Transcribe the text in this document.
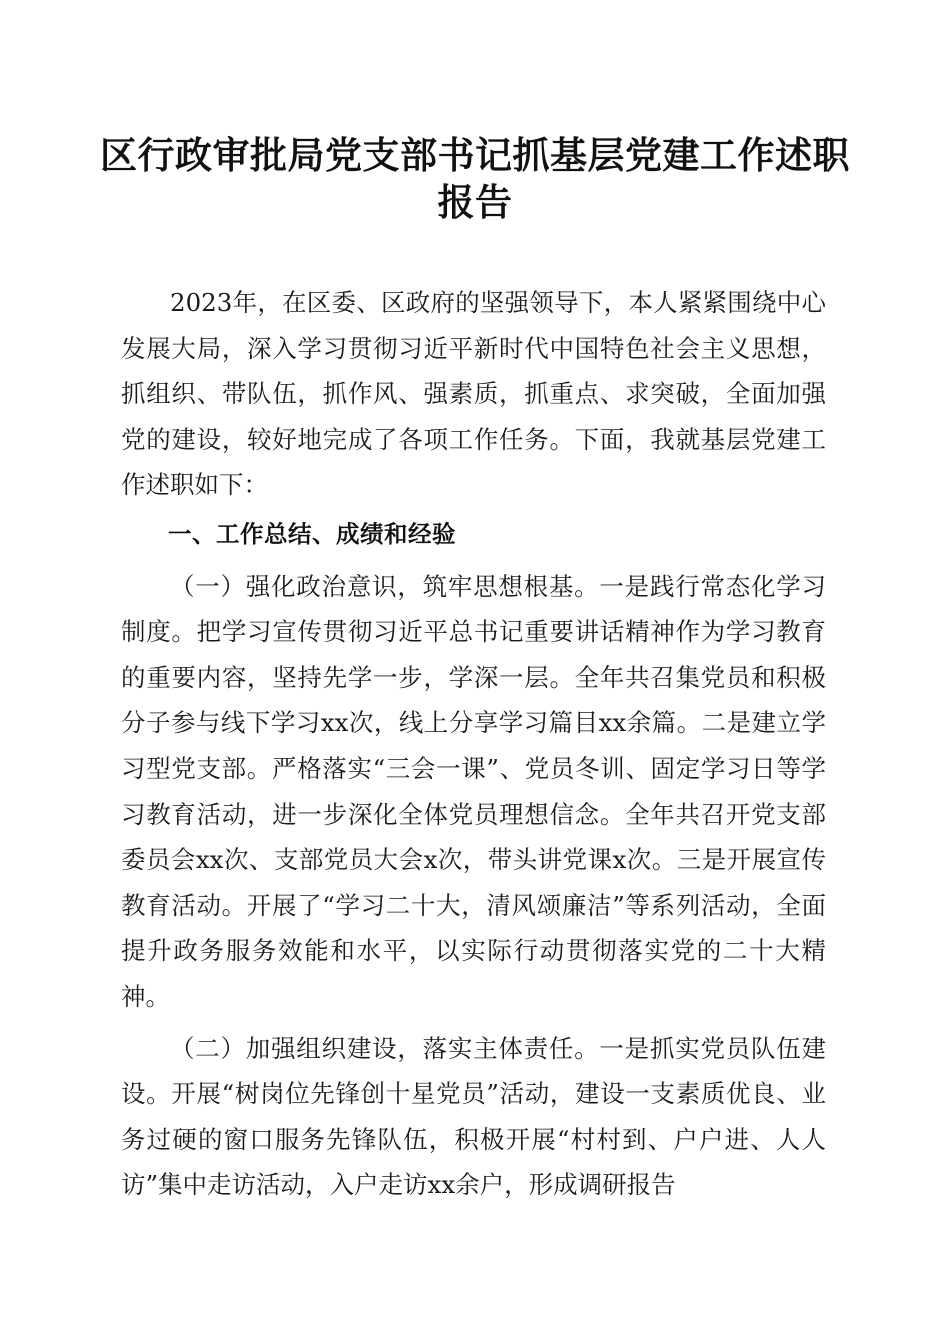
区行政审批局党支部书记抓基层党建工作述职报告

2023年，在区委、区政府的坚强领导下，本人紧紧围绕中心发展大局，深入学习贯彻习近平新时代中国特色社会主义思想，抓组织、带队伍，抓作风、强素质，抓重点、求突破，全面加强党的建设，较好地完成了各项工作任务。下面，我就基层党建工作述职如下：

一、工作总结、成绩和经验

（一）强化政治意识，筑牢思想根基。一是践行常态化学习制度。把学习宣传贯彻习近平总书记重要讲话精神作为学习教育的重要内容，坚持先学一步，学深一层。全年共召集党员和积极分子参与线下学习xx次，线上分享学习篇目xx余篇。二是建立学习型党支部。严格落实“三会一课”、党员冬训、固定学习日等学习教育活动，进一步深化全体党员理想信念。全年共召开党支部委员会xx次、支部党员大会x次，带头讲党课x次。三是开展宣传教育活动。开展了“学习二十大，清风颂廉洁”等系列活动，全面提升政务服务效能和水平，以实际行动贯彻落实党的二十大精神。

（二）加强组织建设，落实主体责任。一是抓实党员队伍建设。开展“树岗位先锋创十星党员”活动，建设一支素质优良、业务过硬的窗口服务先锋队伍，积极开展“村村到、户户进、人人访”集中走访活动，入户走访xx余户，形成调研报告
